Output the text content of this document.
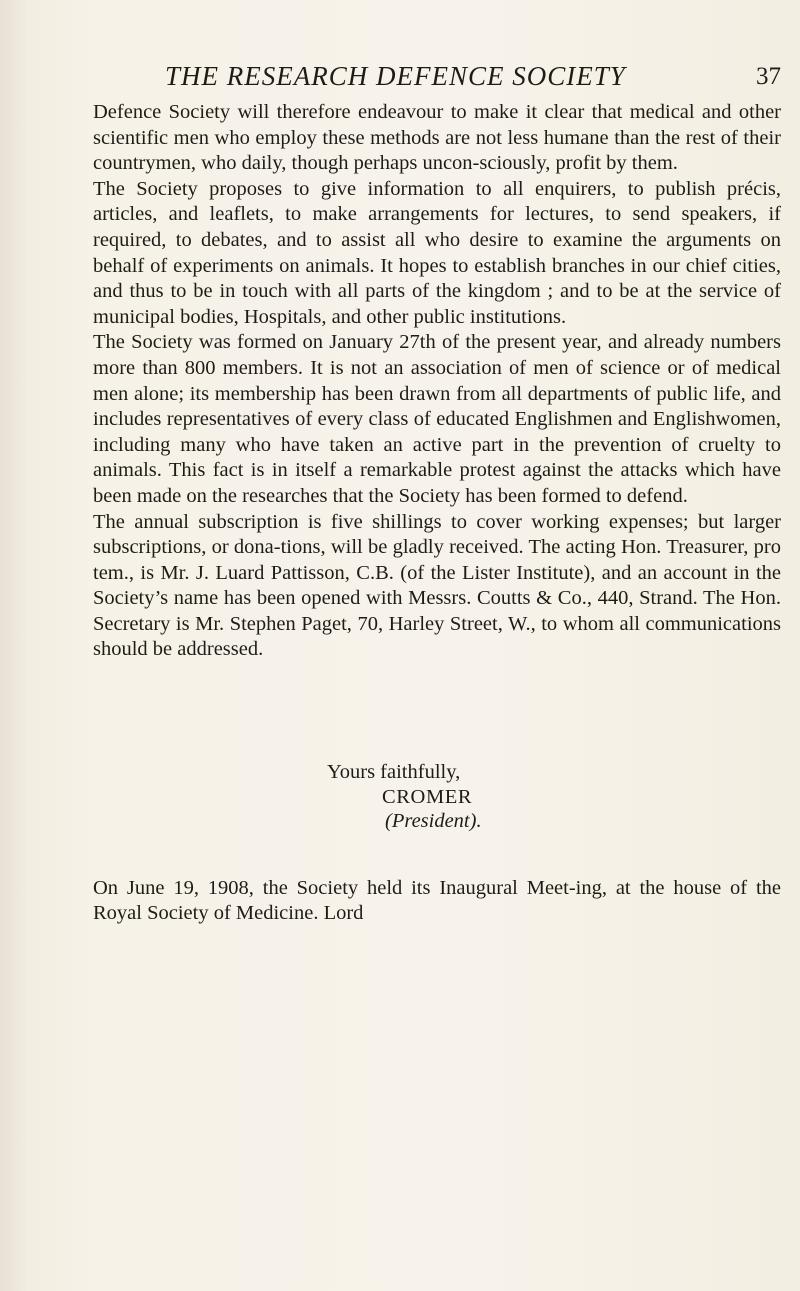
THE RESEARCH DEFENCE SOCIETY	37

Defence Society will therefore endeavour to make it clear that medical and other scientific men who employ these methods are not less humane than the rest of their countrymen, who daily, though perhaps uncon-sciously, profit by them.

The Society proposes to give information to all enquirers, to publish précis, articles, and leaflets, to make arrangements for lectures, to send speakers, if required, to debates, and to assist all who desire to examine the arguments on behalf of experiments on animals. It hopes to establish branches in our chief cities, and thus to be in touch with all parts of the kingdom ; and to be at the service of municipal bodies, Hospitals, and other public institutions.

The Society was formed on January 27th of the present year, and already numbers more than 800 members. It is not an association of men of science or of medical men alone; its membership has been drawn from all departments of public life, and includes representatives of every class of educated Englishmen and Englishwomen, including many who have taken an active part in the prevention of cruelty to animals. This fact is in itself a remarkable protest against the attacks which have been made on the researches that the Society has been formed to defend.

The annual subscription is five shillings to cover working expenses; but larger subscriptions, or dona-tions, will be gladly received. The acting Hon. Treasurer, pro tem., is Mr. J. Luard Pattisson, C.B. (of the Lister Institute), and an account in the Society’s name has been opened with Messrs. Coutts & Co., 440, Strand. The Hon. Secretary is Mr. Stephen Paget, 70, Harley Street, W., to whom all communications should be addressed.

Yours faithfully,
CROMER
(President).

On June 19, 1908, the Society held its Inaugural Meet-ing, at the house of the Royal Society of Medicine. Lord
